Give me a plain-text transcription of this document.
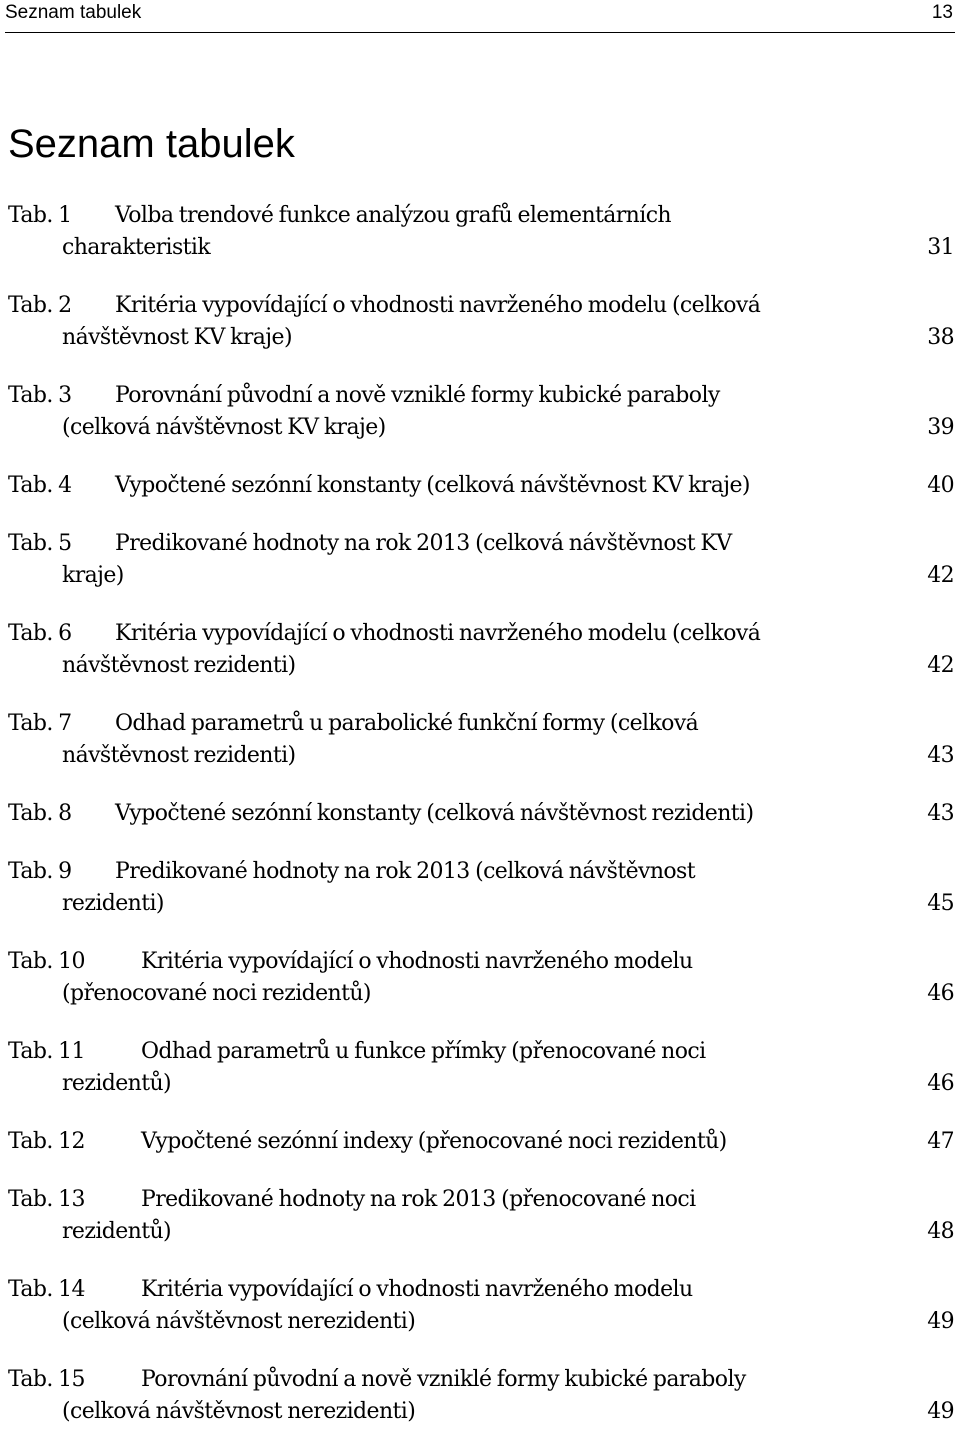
Seznam tabulek	13
Seznam tabulek
Tab. 1 Volba trendové funkce analýzou grafů elementárních
charakteristik	31
Tab. 2 Kritéria vypovídající o vhodnosti navrženého modelu (celková
návštěvnost KV kraje)	38
Tab. 3 Porovnání původní a nově vzniklé formy kubické paraboly
(celková návštěvnost KV kraje)	39
Tab. 4 Vypočtené sezónní konstanty (celková návštěvnost KV kraje)	40
Tab. 5 Predikované hodnoty na rok 2013 (celková návštěvnost KV
kraje)	42
Tab. 6 Kritéria vypovídající o vhodnosti navrženého modelu (celková
návštěvnost rezidenti)	42
Tab. 7 Odhad parametrů u parabolické funkční formy (celková
návštěvnost rezidenti)	43
Tab. 8 Vypočtené sezónní konstanty (celková návštěvnost rezidenti)	43
Tab. 9 Predikované hodnoty na rok 2013 (celková návštěvnost
rezidenti)	45
Tab. 10	Kritéria vypovídající o vhodnosti navrženého modelu
(přenocované noci rezidentů)	46
Tab. 11	Odhad parametrů u funkce přímky (přenocované noci
rezidentů)	46
Tab. 12	Vypočtené sezónní indexy (přenocované noci rezidentů)	47
Tab. 13	Predikované hodnoty na rok 2013 (přenocované noci
rezidentů)	48
Tab. 14	Kritéria vypovídající o vhodnosti navrženého modelu
(celková návštěvnost nerezidenti)	49
Tab. 15	Porovnání původní a nově vzniklé formy kubické paraboly
(celková návštěvnost nerezidenti)	49
